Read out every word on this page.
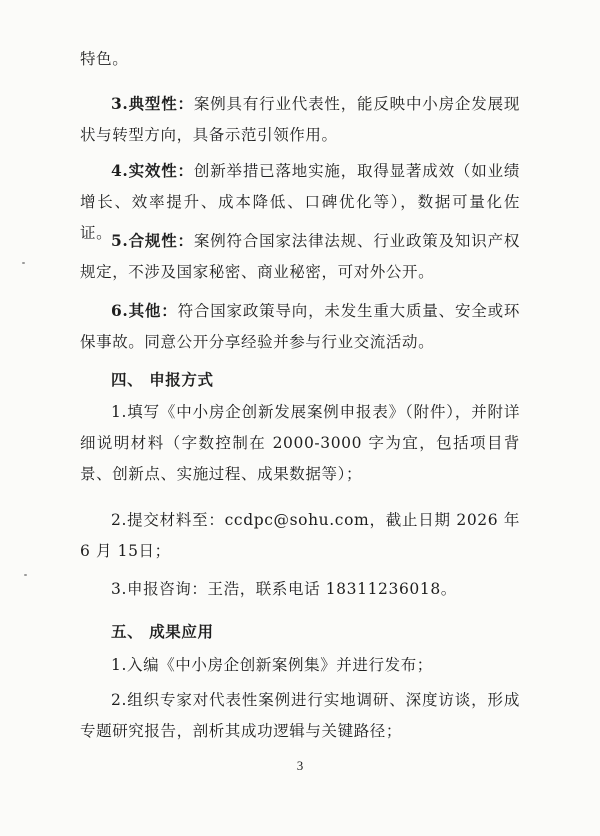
特色。

3.典型性：案例具有行业代表性，能反映中小房企发展现状与转型方向，具备示范引领作用。

4.实效性：创新举措已落地实施，取得显著成效（如业绩增长、效率提升、成本降低、口碑优化等），数据可量化佐证。

5.合规性：案例符合国家法律法规、行业政策及知识产权规定，不涉及国家秘密、商业秘密，可对外公开。

6.其他：符合国家政策导向，未发生重大质量、安全或环保事故。同意公开分享经验并参与行业交流活动。

四、 申报方式

1.填写《中小房企创新发展案例申报表》（附件），并附详细说明材料（字数控制在 2000-3000 字为宜，包括项目背景、创新点、实施过程、成果数据等）；

2.提交材料至：ccdpc@sohu.com，截止日期 2026 年 6 月 15日；

3.申报咨询：王浩，联系电话 18311236018。

五、 成果应用

1.入编《中小房企创新案例集》并进行发布；

2.组织专家对代表性案例进行实地调研、深度访谈，形成专题研究报告，剖析其成功逻辑与关键路径；

3
